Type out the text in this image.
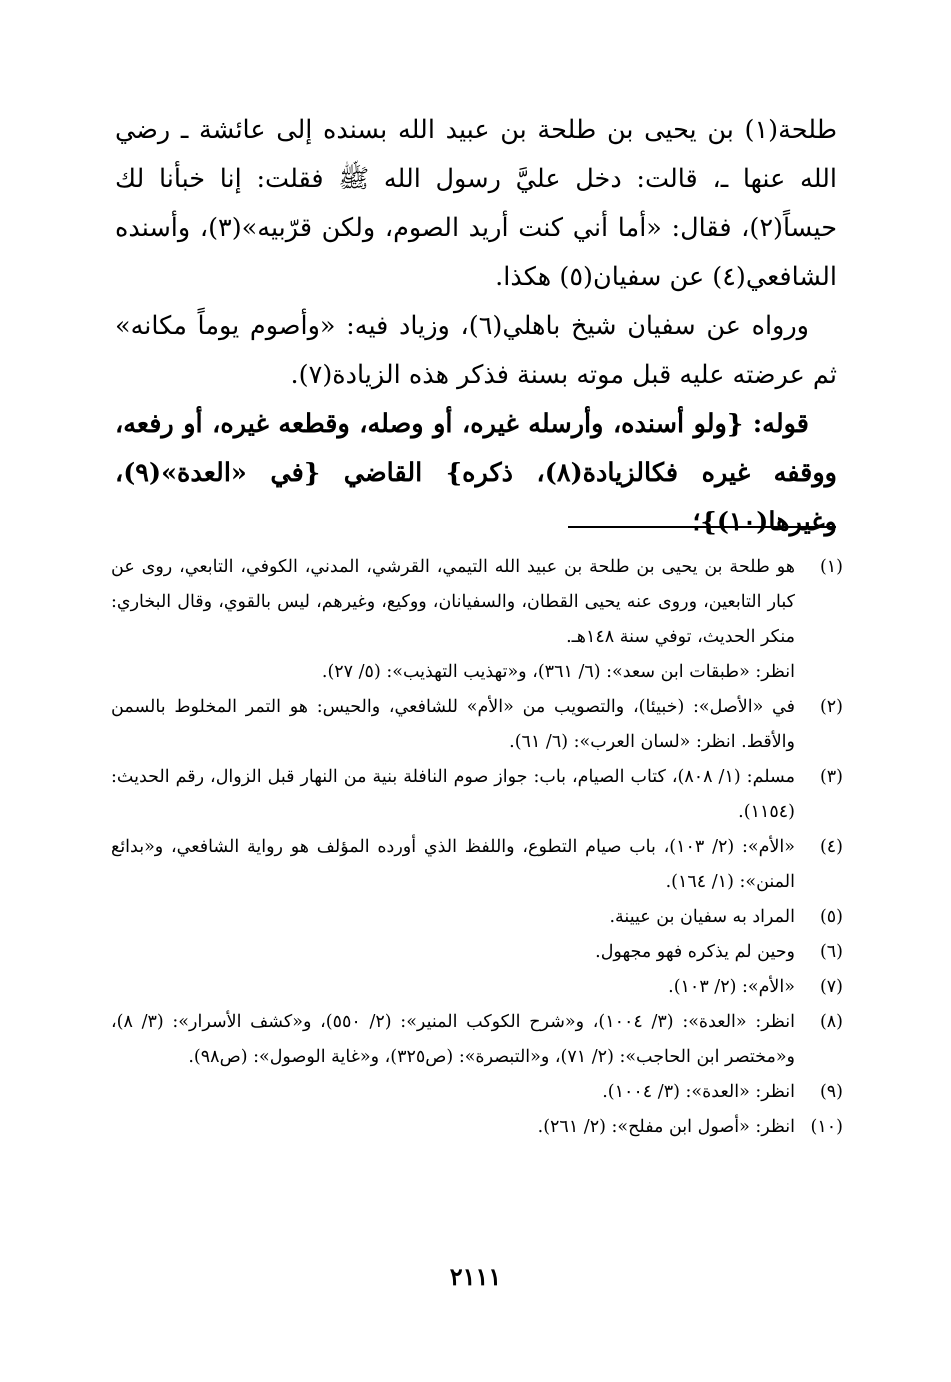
طلحة(١) بن يحيى بن طلحة بن عبيد الله بسنده إلى عائشة ـ رضي الله عنها ـ، قالت: دخل عليَّ رسول الله ﷺ فقلت: إنا خبأنا لك حيساً(٢)، فقال: «أما أني كنت أريد الصوم، ولكن قرّبيه»(٣)، وأسنده الشافعي(٤) عن سفيان(٥) هكذا.

ورواه عن سفيان شيخ باهلي(٦)، وزياد فيه: «وأصوم يوماً مكانه» ثم عرضته عليه قبل موته بسنة فذكر هذه الزيادة(٧).

قوله: {ولو أسنده، وأرسله غيره، أو وصله، وقطعه غيره، أو رفعه، ووقفه غيره فكالزيادة(٨)، ذكره} القاضي {في «العدة»(٩)، وغيرها(١٠)}؛

(١)
هو طلحة بن يحيى بن طلحة بن عبيد الله التيمي، القرشي، المدني، الكوفي، التابعي، روى عن كبار التابعين، وروى عنه يحيى القطان، والسفيانان، ووكيع، وغيرهم، ليس بالقوي، وقال البخاري: منكر الحديث، توفي سنة ١٤٨هـ.
انظر: «طبقات ابن سعد»: (٦/ ٣٦١)، و«تهذيب التهذيب»: (٥/ ٢٧).
(٢)
في «الأصل»: (خبيئا)، والتصويب من «الأم» للشافعي، والحيس: هو التمر المخلوط بالسمن والأقط. انظر: «لسان العرب»: (٦/ ٦١).
(٣)
مسلم: (١/ ٨٠٨)، كتاب الصيام، باب: جواز صوم النافلة بنية من النهار قبل الزوال، رقم الحديث: (١١٥٤).
(٤)
«الأم»: (٢/ ١٠٣)، باب صيام التطوع، واللفظ الذي أورده المؤلف هو رواية الشافعي، و«بدائع المنن»: (١/ ١٦٤).
(٥)
المراد به سفيان بن عيينة.
(٦)
وحين لم يذكره فهو مجهول.
(٧)
«الأم»: (٢/ ١٠٣).
(٨)
انظر: «العدة»: (٣/ ١٠٠٤)، و«شرح الكوكب المنير»: (٢/ ٥٥٠)، و«كشف الأسرار»: (٣/ ٨)، و«مختصر ابن الحاجب»: (٢/ ٧١)، و«التبصرة»: (ص٣٢٥)، و«غاية الوصول»: (ص٩٨).
(٩)
انظر: «العدة»: (٣/ ١٠٠٤).
(١٠)
انظر: «أصول ابن مفلح»: (٢/ ٢٦١).
٢١١١
